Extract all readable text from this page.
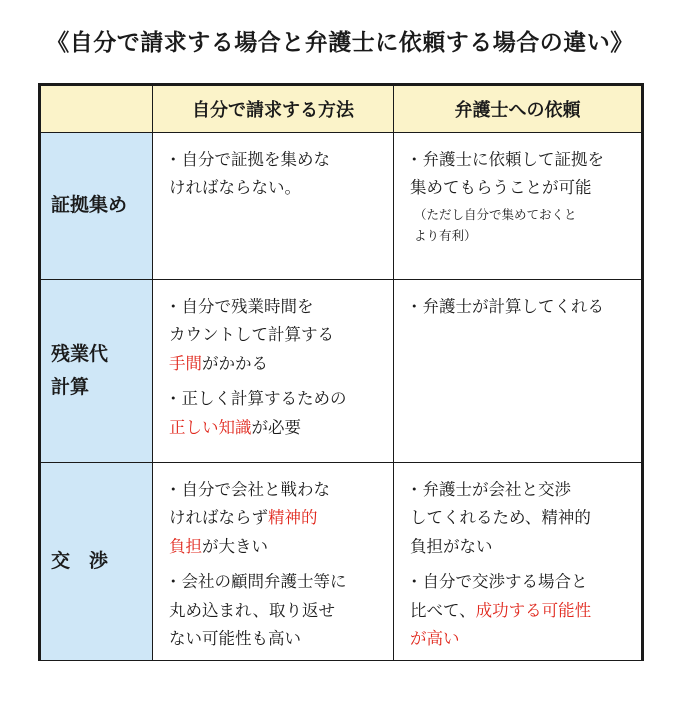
《自分で請求する場合と弁護士に依頼する場合の違い》
自分で請求する方法	弁護士への依頼
証拠集め
・ 自分で証拠を集めな
ければならない。
・ 弁護士に依頼して証拠を
集めてもらうことが可能
（ただし自分で集めておくと
より有利）
残業代
計算
・ 自分で残業時間を
カウントして計算する
手間がかかる
・ 正しく計算するための
正しい知識が必要
・ 弁護士が計算してくれる
交　渉
・ 自分で会社と戦わな
ければならず精神的
負担が大きい
・ 会社の顧問弁護士等に
丸め込まれ、取り返せ
ない可能性も高い
・ 弁護士が会社と交渉
してくれるため、精神的
負担がない
・ 自分で交渉する場合と
比べて、成功する可能性
が高い
